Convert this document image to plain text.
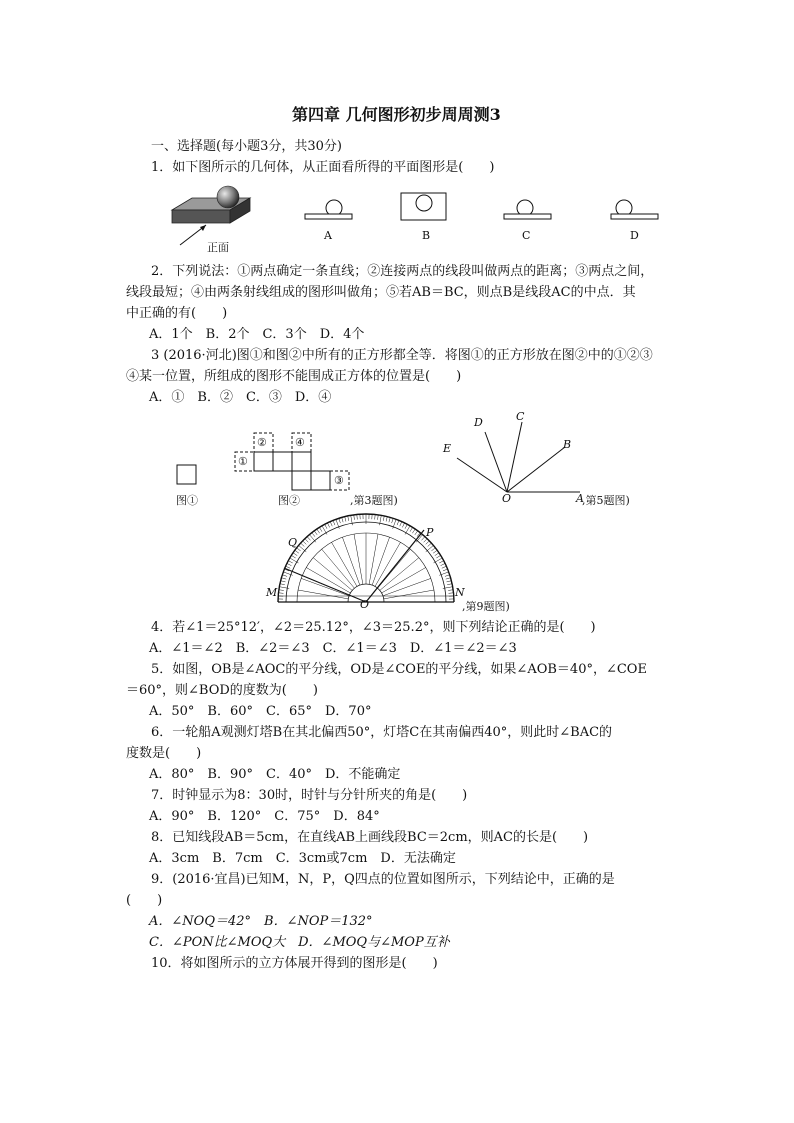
第四章 几何图形初步周周测3
一、选择题(每小题3分，共30分)
1．如下图所示的几何体，从正面看所得的平面图形是(　　)
正面
A	B	C	D
2．下列说法：①两点确定一条直线；②连接两点的线段叫做两点的距离；③两点之间，
线段最短；④由两条射线组成的图形叫做角；⑤若AB＝BC，则点B是线段AC的中点．其
中正确的有(　　)
A．1个　B．2个　C．3个　D．4个
3 (2016·河北)图①和图②中所有的正方形都全等．将图①的正方形放在图②中的①②③
④某一位置，所组成的图形不能围成正方体的位置是(　　)
A．①　B．②　C．③　D．④
图①
①
②
③
④
图②	,第3题图)
D	C
B
E
O	A
,第5题图)
Q
P
M
O
N
,第9题图)
4．若∠1＝25°12′，∠2＝25.12°，∠3＝25.2°，则下列结论正确的是(　　)
A．∠1＝∠2　B．∠2＝∠3　C．∠1＝∠3　D．∠1＝∠2＝∠3
5．如图，OB是∠AOC的平分线，OD是∠COE的平分线，如果∠AOB＝40°，∠COE
＝60°，则∠BOD的度数为(　　)
A．50°　B．60°　C．65°　D．70°
6．一轮船A观测灯塔B在其北偏西50°，灯塔C在其南偏西40°，则此时∠BAC的
度数是(　　)
A．80°　B．90°　C．40°　D．不能确定
7．时钟显示为8：30时，时针与分针所夹的角是(　　)
A．90°　B．120°　C．75°　D．84°
8．已知线段AB＝5cm，在直线AB上画线段BC＝2cm，则AC的长是(　　)
A．3cm　B．7cm　C．3cm或7cm　D．无法确定
9．(2016·宜昌)已知M，N，P，Q四点的位置如图所示，下列结论中，正确的是
(　　)
A．∠NOQ＝42°　B．∠NOP＝132°
C．∠PON比∠MOQ大　D．∠MOQ与∠MOP互补
10．将如图所示的立方体展开得到的图形是(　　)
